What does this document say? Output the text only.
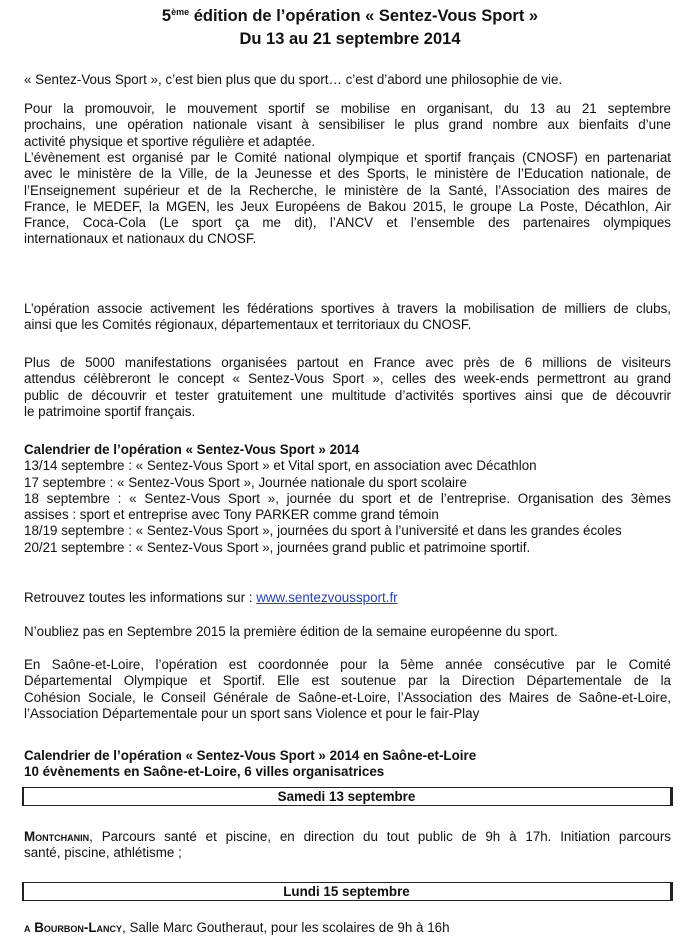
5ème édition de l’opération « Sentez-Vous Sport »
Du 13 au 21 septembre 2014

« Sentez-Vous Sport », c’est bien plus que du sport… c’est d’abord une philosophie de vie.

Pour la promouvoir, le mouvement sportif se mobilise en organisant, du 13 au 21 septembre
prochains, une opération nationale visant à sensibiliser le plus grand nombre aux bienfaits d’une
activité physique et sportive régulière et adaptée.

L’évènement est organisé par le Comité national olympique et sportif français (CNOSF) en partenariat
avec le ministère de la Ville, de la Jeunesse et des Sports, le ministère de l’Education nationale, de
l’Enseignement supérieur et de la Recherche, le ministère de la Santé, l’Association des maires de
France, le MEDEF, la MGEN, les Jeux Européens de Bakou 2015, le groupe La Poste, Décathlon, Air
France, Coca-Cola (Le sport ça me dit), l’ANCV et l’ensemble des partenaires olympiques
internationaux et nationaux du CNOSF.

L’opération associe activement les fédérations sportives à travers la mobilisation de milliers de clubs,
ainsi que les Comités régionaux, départementaux et territoriaux du CNOSF.

Plus de 5000 manifestations organisées partout en France avec près de 6 millions de visiteurs
attendus célèbreront le concept « Sentez-Vous Sport », celles des week-ends permettront au grand
public de découvrir et tester gratuitement une multitude d’activités sportives ainsi que de découvrir
le patrimoine sportif français.

Calendrier de l’opération « Sentez-Vous Sport » 2014
13/14 septembre : « Sentez-Vous Sport » et Vital sport, en association avec Décathlon
17 septembre : « Sentez-Vous Sport », Journée nationale du sport scolaire
18 septembre : « Sentez-Vous Sport », journée du sport et de l’entreprise. Organisation des 3èmes
assises : sport et entreprise avec Tony PARKER comme grand témoin
18/19 septembre : « Sentez-Vous Sport », journées du sport à l’université et dans les grandes écoles
20/21 septembre : « Sentez-Vous Sport », journées grand public et patrimoine sportif.

Retrouvez toutes les informations sur : www.sentezvoussport.fr

N’oubliez pas en Septembre 2015 la première édition de la semaine européenne du sport.

En Saône-et-Loire, l’opération est coordonnée pour la 5ème année consécutive par le Comité
Départemental Olympique et Sportif. Elle est soutenue par la Direction Départementale de la
Cohésion Sociale, le Conseil Générale de Saône-et-Loire, l’Association des Maires de Saône-et-Loire,
l’Association Départementale pour un sport sans Violence et pour le fair-Play

Calendrier de l’opération « Sentez-Vous Sport » 2014 en Saône-et-Loire
10 évènements en Saône-et-Loire, 6 villes organisatrices
Samedi 13 septembre

Montchanin, Parcours santé et piscine, en direction du tout public de 9h à 17h. Initiation parcours
santé, piscine, athlétisme ;

Lundi 15 septembre

a Bourbon-Lancy, Salle Marc Goutheraut, pour les scolaires de 9h à 16h
